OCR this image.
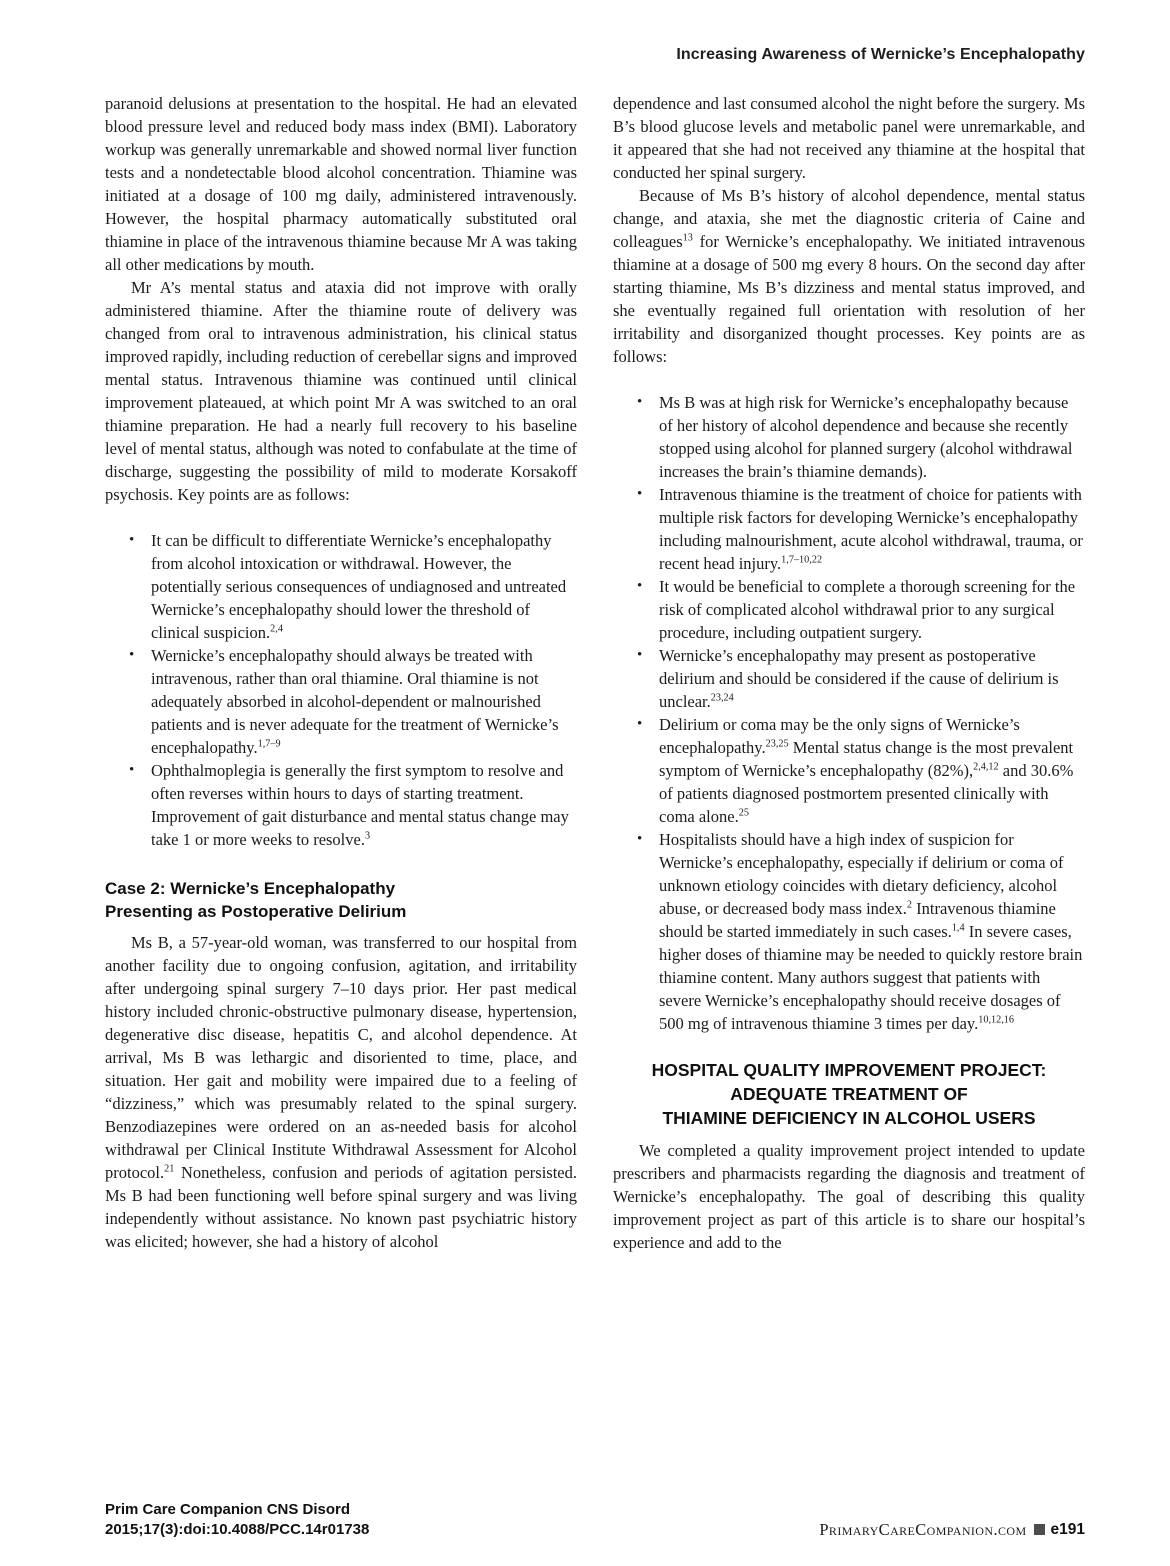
Increasing Awareness of Wernicke’s Encephalopathy

paranoid delusions at presentation to the hospital. He had an elevated blood pressure level and reduced body mass index (BMI). Laboratory workup was generally unremarkable and showed normal liver function tests and a nondetectable blood alcohol concentration. Thiamine was initiated at a dosage of 100 mg daily, administered intravenously. However, the hospital pharmacy automatically substituted oral thiamine in place of the intravenous thiamine because Mr A was taking all other medications by mouth.

Mr A’s mental status and ataxia did not improve with orally administered thiamine. After the thiamine route of delivery was changed from oral to intravenous administration, his clinical status improved rapidly, including reduction of cerebellar signs and improved mental status. Intravenous thiamine was continued until clinical improvement plateaued, at which point Mr A was switched to an oral thiamine preparation. He had a nearly full recovery to his baseline level of mental status, although was noted to confabulate at the time of discharge, suggesting the possibility of mild to moderate Korsakoff psychosis. Key points are as follows:

• It can be difficult to differentiate Wernicke’s encephalopathy from alcohol intoxication or withdrawal. However, the potentially serious consequences of undiagnosed and untreated Wernicke’s encephalopathy should lower the threshold of clinical suspicion.$^{2,4}$
• Wernicke’s encephalopathy should always be treated with intravenous, rather than oral thiamine. Oral thiamine is not adequately absorbed in alcohol-dependent or malnourished patients and is never adequate for the treatment of Wernicke’s encephalopathy.$^{1,7-9}$
• Ophthalmoplegia is generally the first symptom to resolve and often reverses within hours to days of starting treatment. Improvement of gait disturbance and mental status change may take 1 or more weeks to resolve.$^3$
Case 2: Wernicke’s Encephalopathy
Presenting as Postoperative Delirium

Ms B, a 57-year-old woman, was transferred to our hospital from another facility due to ongoing confusion, agitation, and irritability after undergoing spinal surgery 7–10 days prior. Her past medical history included chronic-obstructive pulmonary disease, hypertension, degenerative disc disease, hepatitis C, and alcohol dependence. At arrival, Ms B was lethargic and disoriented to time, place, and situation. Her gait and mobility were impaired due to a feeling of “dizziness,” which was presumably related to the spinal surgery. Benzodiazepines were ordered on an as-needed basis for alcohol withdrawal per Clinical Institute Withdrawal Assessment for Alcohol protocol.$^{21}$ Nonetheless, confusion and periods of agitation persisted. Ms B had been functioning well before spinal surgery and was living independently without assistance. No known past psychiatric history was elicited; however, she had a history of alcohol

dependence and last consumed alcohol the night before the surgery. Ms B’s blood glucose levels and metabolic panel were unremarkable, and it appeared that she had not received any thiamine at the hospital that conducted her spinal surgery.

Because of Ms B’s history of alcohol dependence, mental status change, and ataxia, she met the diagnostic criteria of Caine and colleagues$^{13}$ for Wernicke’s encephalopathy. We initiated intravenous thiamine at a dosage of 500 mg every 8 hours. On the second day after starting thiamine, Ms B’s dizziness and mental status improved, and she eventually regained full orientation with resolution of her irritability and disorganized thought processes. Key points are as follows:

• Ms B was at high risk for Wernicke’s encephalopathy because of her history of alcohol dependence and because she recently stopped using alcohol for planned surgery (alcohol withdrawal increases the brain’s thiamine demands).
• Intravenous thiamine is the treatment of choice for patients with multiple risk factors for developing Wernicke’s encephalopathy including malnourishment, acute alcohol withdrawal, trauma, or recent head injury.$^{1,7-10,22}$
• It would be beneficial to complete a thorough screening for the risk of complicated alcohol withdrawal prior to any surgical procedure, including outpatient surgery.
• Wernicke’s encephalopathy may present as postoperative delirium and should be considered if the cause of delirium is unclear.$^{23,24}$
• Delirium or coma may be the only signs of Wernicke’s encephalopathy.$^{23,25}$ Mental status change is the most prevalent symptom of Wernicke’s encephalopathy (82%),$^{2,4,12}$ and 30.6% of patients diagnosed postmortem presented clinically with coma alone.$^{25}$
• Hospitalists should have a high index of suspicion for Wernicke’s encephalopathy, especially if delirium or coma of unknown etiology coincides with dietary deficiency, alcohol abuse, or decreased body mass index.$^2$ Intravenous thiamine should be started immediately in such cases.$^{1,4}$ In severe cases, higher doses of thiamine may be needed to quickly restore brain thiamine content. Many authors suggest that patients with severe Wernicke’s encephalopathy should receive dosages of 500 mg of intravenous thiamine 3 times per day.$^{10,12,16}$
HOSPITAL QUALITY IMPROVEMENT PROJECT:
ADEQUATE TREATMENT OF
THIAMINE DEFICIENCY IN ALCOHOL USERS

We completed a quality improvement project intended to update prescribers and pharmacists regarding the diagnosis and treatment of Wernicke’s encephalopathy. The goal of describing this quality improvement project as part of this article is to share our hospital’s experience and add to the

Prim Care Companion CNS Disord
2015;17(3):doi:10.4088/PCC.14r01738	PrimaryCareCompanion.com e191
